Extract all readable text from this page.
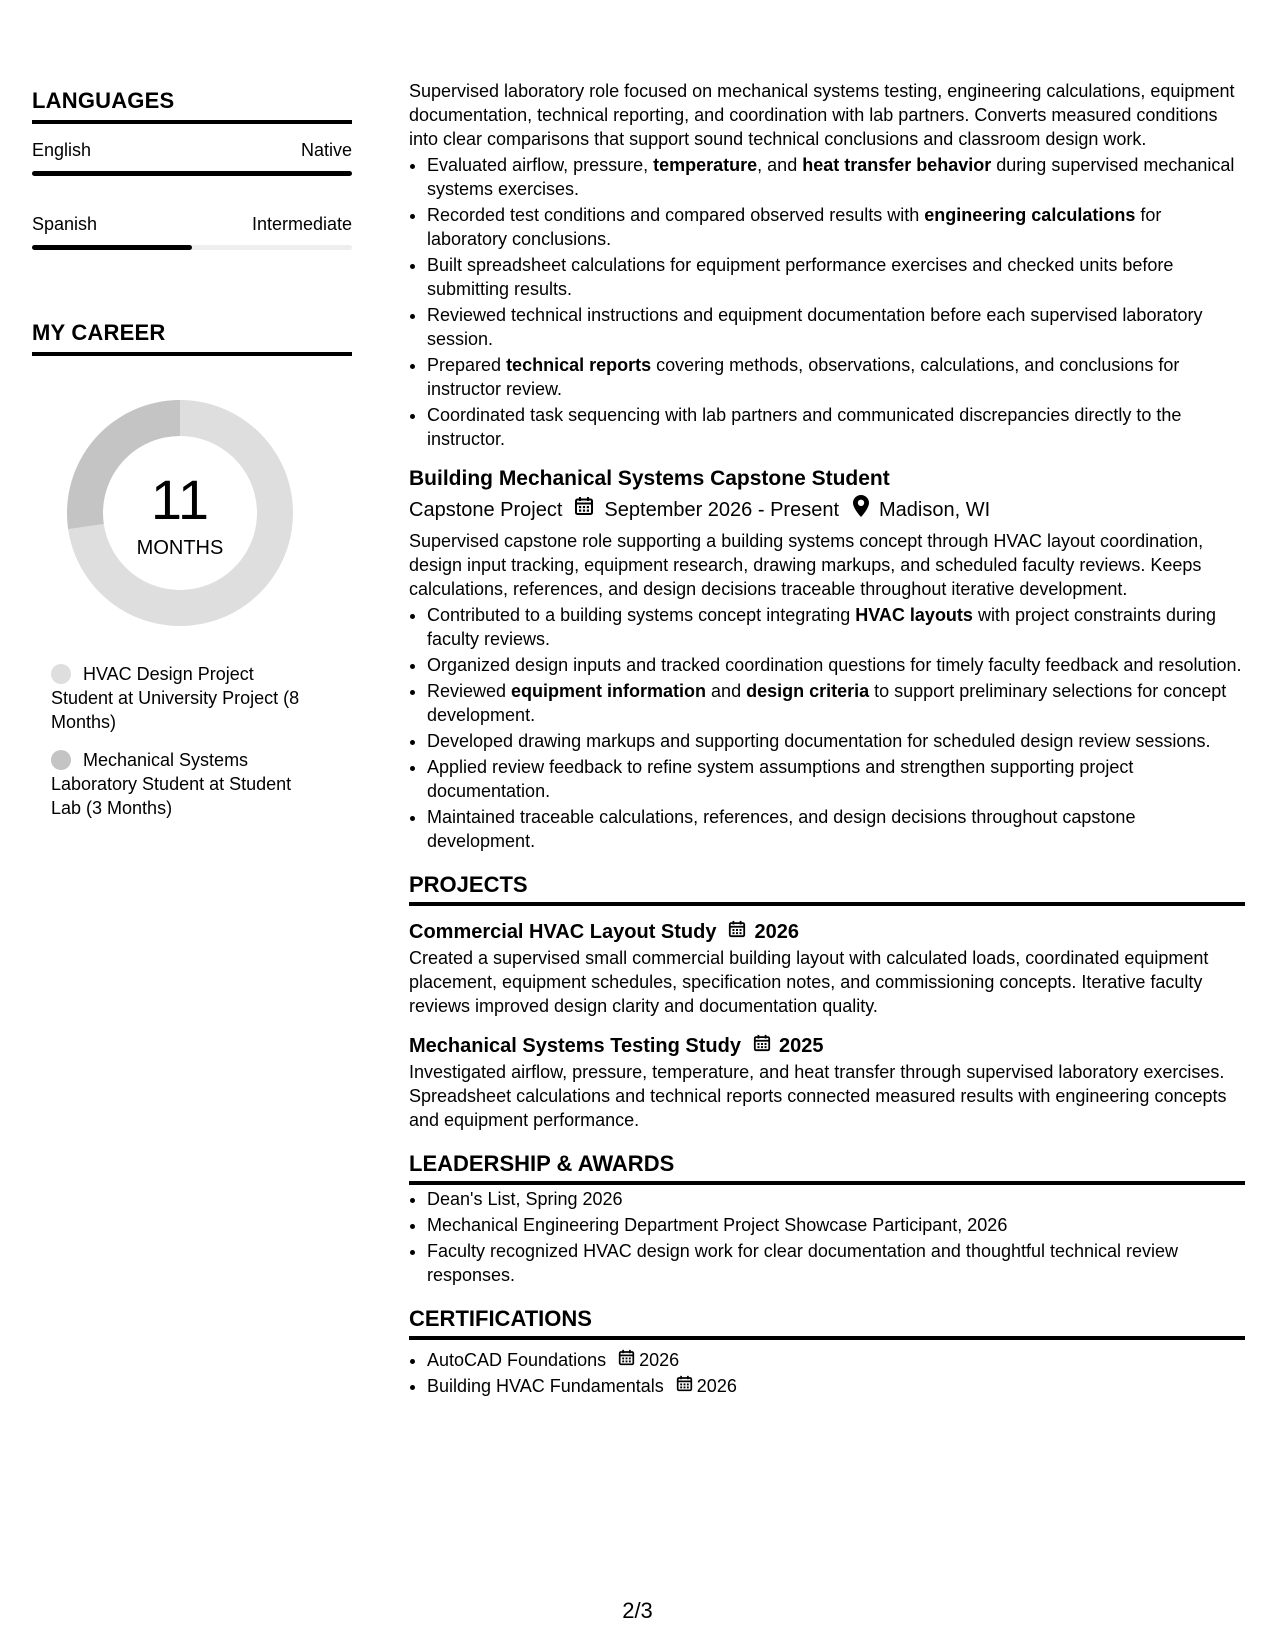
LANGUAGES
English	Native
Spanish	Intermediate
MY CAREER
11
MONTHS
HVAC Design Project Student at University Project (8 Months)
Mechanical Systems Laboratory Student at Student Lab (3 Months)

Supervised laboratory role focused on mechanical systems testing, engineering calculations, equipment documentation, technical reporting, and coordination with lab partners. Converts measured conditions into clear comparisons that support sound technical conclusions and classroom design work.

• Evaluated airflow, pressure, temperature, and heat transfer behavior during supervised mechanical systems exercises.
• Recorded test conditions and compared observed results with engineering calculations for laboratory conclusions.
• Built spreadsheet calculations for equipment performance exercises and checked units before submitting results.
• Reviewed technical instructions and equipment documentation before each supervised laboratory session.
• Prepared technical reports covering methods, observations, calculations, and conclusions for instructor review.
• Coordinated task sequencing with lab partners and communicated discrepancies directly to the instructor.
Building Mechanical Systems Capstone Student
Capstone Project September 2026 - Present Madison, WI

Supervised capstone role supporting a building systems concept through HVAC layout coordination, design input tracking, equipment research, drawing markups, and scheduled faculty reviews. Keeps calculations, references, and design decisions traceable throughout iterative development.

• Contributed to a building systems concept integrating HVAC layouts with project constraints during faculty reviews.
• Organized design inputs and tracked coordination questions for timely faculty feedback and resolution.
• Reviewed equipment information and design criteria to support preliminary selections for concept development.
• Developed drawing markups and supporting documentation for scheduled design review sessions.
• Applied review feedback to refine system assumptions and strengthen supporting project documentation.
• Maintained traceable calculations, references, and design decisions throughout capstone development.
PROJECTS
Commercial HVAC Layout Study 2026

Created a supervised small commercial building layout with calculated loads, coordinated equipment placement, equipment schedules, specification notes, and commissioning concepts. Iterative faculty reviews improved design clarity and documentation quality.

Mechanical Systems Testing Study 2025

Investigated airflow, pressure, temperature, and heat transfer through supervised laboratory exercises. Spreadsheet calculations and technical reports connected measured results with engineering concepts and equipment performance.

LEADERSHIP & AWARDS
• Dean's List, Spring 2026
• Mechanical Engineering Department Project Showcase Participant, 2026
• Faculty recognized HVAC design work for clear documentation and thoughtful technical review responses.
CERTIFICATIONS
• AutoCAD Foundations 2026
• Building HVAC Fundamentals 2026
2/3
